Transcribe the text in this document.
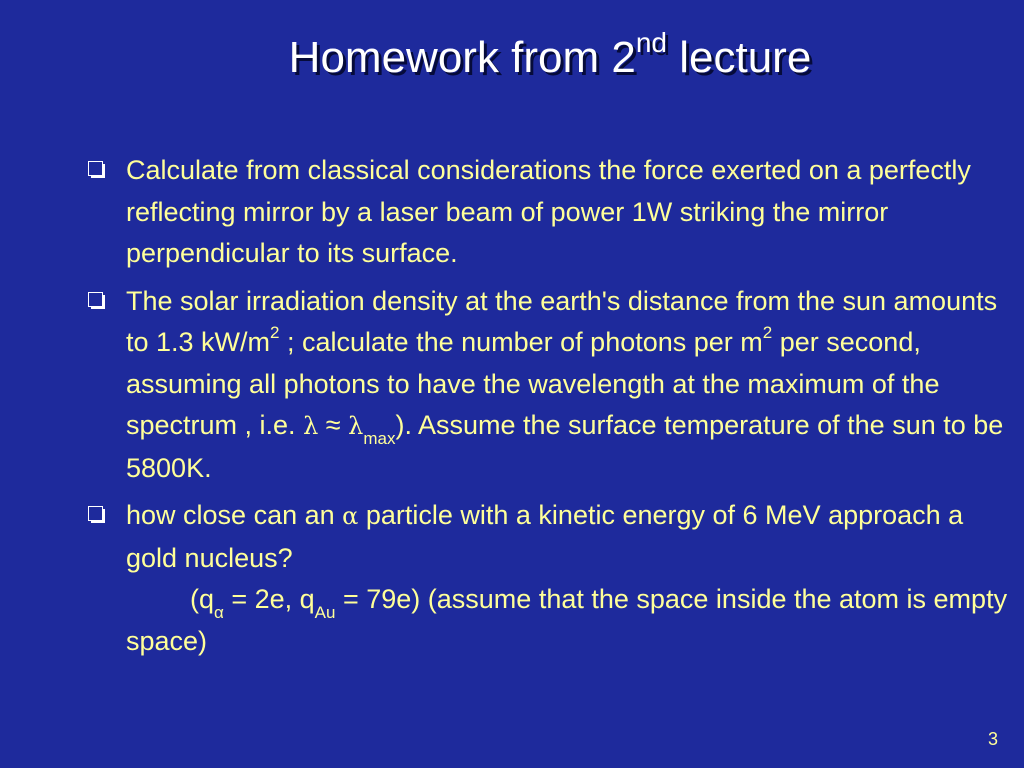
Homework from 2nd lecture
Calculate from classical considerations the force exerted on a perfectly reflecting mirror by a laser beam of power 1W striking the mirror perpendicular to its surface.
The solar irradiation density at the earth's distance from the sun amounts to 1.3 $kW/m^2$ ; calculate the number of photons per $m^2$ per second, assuming all photons to have the wavelength at the maximum of the spectrum , i.e. $\lambda \approx \lambda_{max}$). Assume the surface temperature of the sun to be 5800K.
how close can an α particle with a kinetic energy of 6 MeV approach a gold nucleus?
($q_\alpha = 2e$, $q_{Au} = 79e$) (assume that the space inside the atom is empty space)
3
